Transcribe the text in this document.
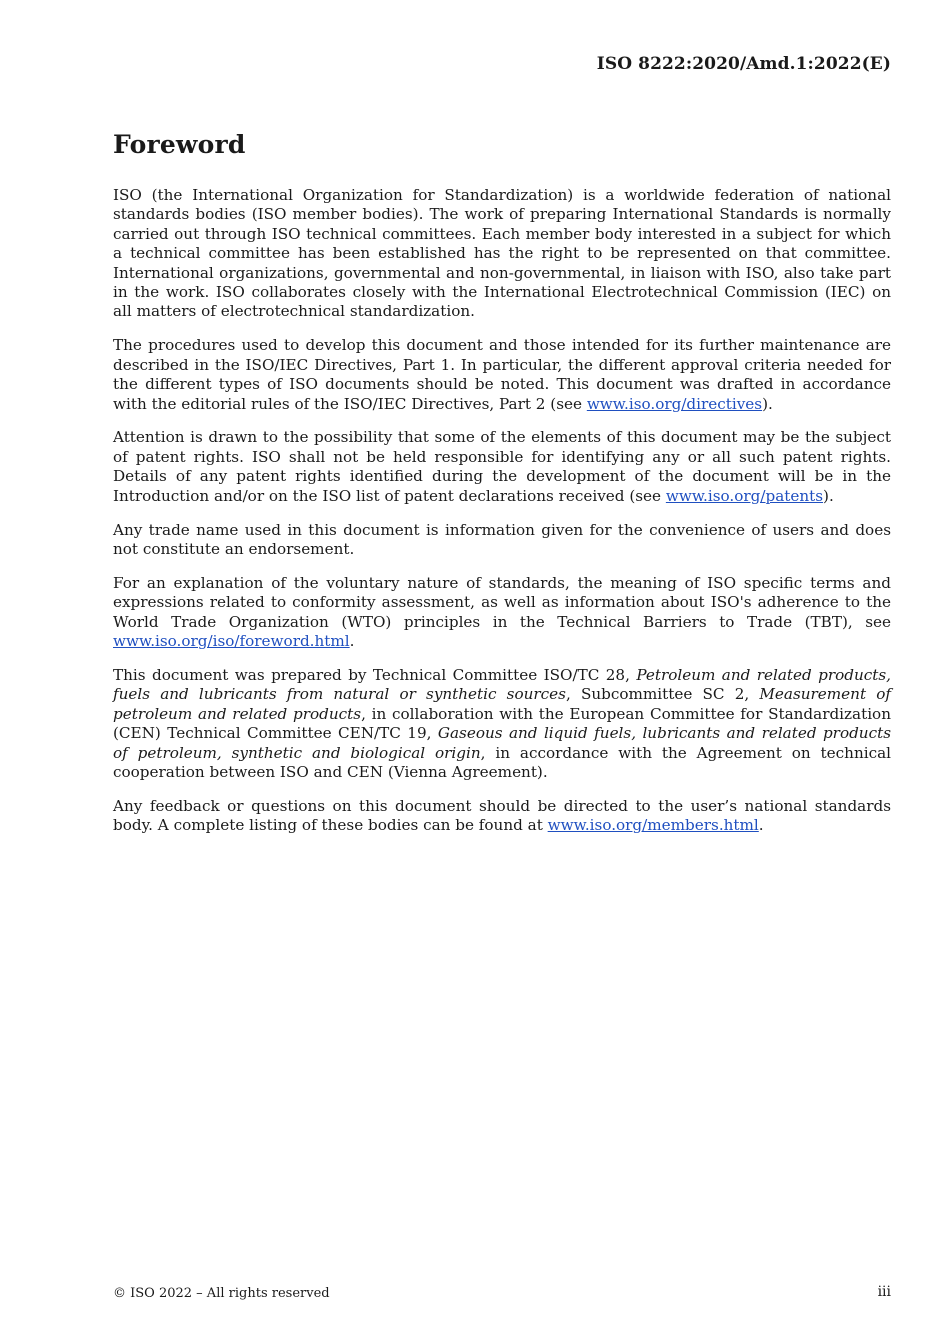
ISO 8222:2020/Amd.1:2022(E)
Foreword

ISO (the International Organization for Standardization) is a worldwide federation of national standards bodies (ISO member bodies). The work of preparing International Standards is normally carried out through ISO technical committees. Each member body interested in a subject for which a technical committee has been established has the right to be represented on that committee. International organizations, governmental and non-governmental, in liaison with ISO, also take part in the work. ISO collaborates closely with the International Electrotechnical Commission (IEC) on all matters of electrotechnical standardization.

The procedures used to develop this document and those intended for its further maintenance are described in the ISO/IEC Directives, Part 1. In particular, the different approval criteria needed for the different types of ISO documents should be noted. This document was drafted in accordance with the editorial rules of the ISO/IEC Directives, Part 2 (see www.iso.org/directives).

Attention is drawn to the possibility that some of the elements of this document may be the subject of patent rights. ISO shall not be held responsible for identifying any or all such patent rights. Details of any patent rights identified during the development of the document will be in the Introduction and/or on the ISO list of patent declarations received (see www.iso.org/patents).

Any trade name used in this document is information given for the convenience of users and does not constitute an endorsement.

For an explanation of the voluntary nature of standards, the meaning of ISO specific terms and expressions related to conformity assessment, as well as information about ISO's adherence to the World Trade Organization (WTO) principles in the Technical Barriers to Trade (TBT), see www.iso.org/iso/foreword.html.

This document was prepared by Technical Committee ISO/TC 28, Petroleum and related products, fuels and lubricants from natural or synthetic sources, Subcommittee SC 2, Measurement of petroleum and related products, in collaboration with the European Committee for Standardization (CEN) Technical Committee CEN/TC 19, Gaseous and liquid fuels, lubricants and related products of petroleum, synthetic and biological origin, in accordance with the Agreement on technical cooperation between ISO and CEN (Vienna Agreement).

Any feedback or questions on this document should be directed to the user’s national standards body. A complete listing of these bodies can be found at www.iso.org/members.html.

© ISO 2022 – All rights reserved	iii
